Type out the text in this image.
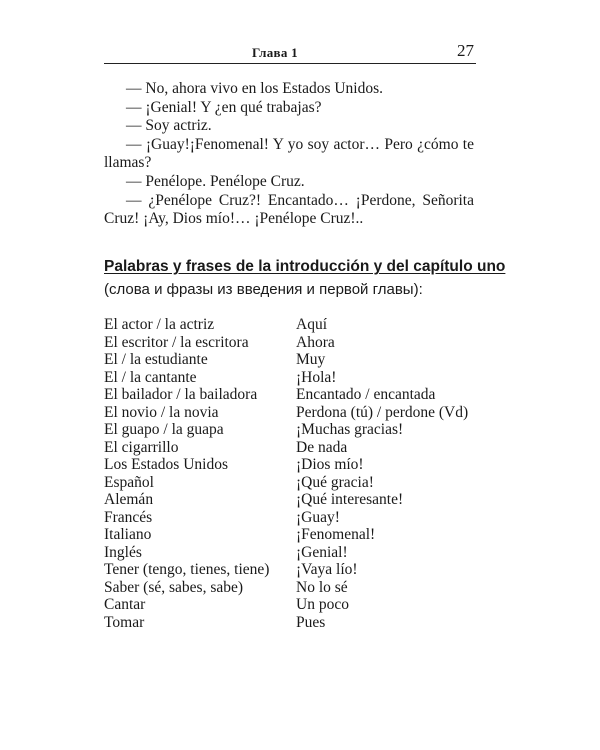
Глава 1	27

— No, ahora vivo en los Estados Unidos.

— ¡Genial! Y ¿en qué trabajas?

— Soy actriz.

— ¡Guay!¡Fenomenal! Y yo soy actor… Pero ¿cómo te llamas?

— Penélope. Penélope Cruz.

— ¿Penélope Cruz?! Encantado… ¡Perdone, Señorita Cruz! ¡Ay, Dios mío!… ¡Penélope Cruz!..

Palabras y frases de la introducción y del capítulo uno
(слова и фразы из введения и первой главы):
El actor / la actriz
El escritor / la escritora
El / la estudiante
El / la cantante
El bailador / la bailadora
El novio / la novia
El guapo / la guapa
El cigarrillo
Los Estados Unidos
Español
Alemán
Francés
Italiano
Inglés
Tener (tengo, tienes, tiene)
Saber (sé, sabes, sabe)
Cantar
Tomar
Aquí
Ahora
Muy
¡Hola!
Encantado / encantada
Perdona (tú) / perdone (Vd)
¡Muchas gracias!
De nada
¡Dios mío!
¡Qué gracia!
¡Qué interesante!
¡Guay!
¡Fenomenal!
¡Genial!
¡Vaya lío!
No lo sé
Un poco
Pues
